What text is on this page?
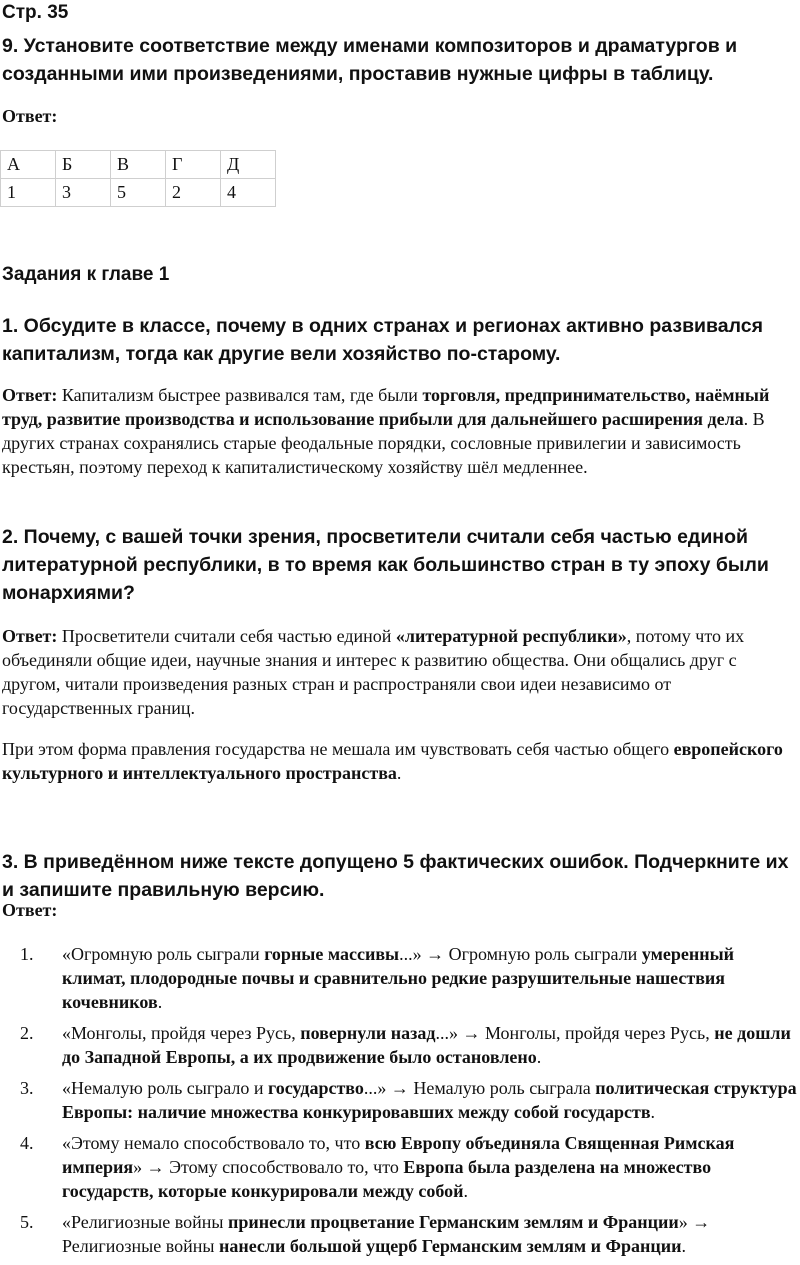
Стр. 35
9. Установите соответствие между именами композиторов и драматургов и созданными ими произведениями, проставив нужные цифры в таблицу.
Ответ:
А	Б	В	Г	Д
1	3	5	2	4
Задания к главе 1
1. Обсудите в классе, почему в одних странах и регионах активно развивался капитализм, тогда как другие вели хозяйство по-старому.
Ответ: Капитализм быстрее развивался там, где были торговля, предпринимательство, наёмный труд, развитие производства и использование прибыли для дальнейшего расширения дела. В других странах сохранялись старые феодальные порядки, сословные привилегии и зависимость крестьян, поэтому переход к капиталистическому хозяйству шёл медленнее.
2. Почему, с вашей точки зрения, просветители считали себя частью единой литературной республики, в то время как большинство стран в ту эпоху были монархиями?
Ответ: Просветители считали себя частью единой «литературной республики», потому что их объединяли общие идеи, научные знания и интерес к развитию общества. Они общались друг с другом, читали произведения разных стран и распространяли свои идеи независимо от государственных границ.
При этом форма правления государства не мешала им чувствовать себя частью общего европейского культурного и интеллектуального пространства.
3. В приведённом ниже тексте допущено 5 фактических ошибок. Подчеркните их и запишите правильную версию.
Ответ:
1. «Огромную роль сыграли горные массивы...» → Огромную роль сыграли умеренный климат, плодородные почвы и сравнительно редкие разрушительные нашествия кочевников.
2. «Монголы, пройдя через Русь, повернули назад...» → Монголы, пройдя через Русь, не дошли до Западной Европы, а их продвижение было остановлено.
3. «Немалую роль сыграло и государство...» → Немалую роль сыграла политическая структура Европы: наличие множества конкурировавших между собой государств.
4. «Этому немало способствовало то, что всю Европу объединяла Священная Римская империя» → Этому способствовало то, что Европа была разделена на множество государств, которые конкурировали между собой.
5. «Религиозные войны принесли процветание Германским землям и Франции» → Религиозные войны нанесли большой ущерб Германским землям и Франции.
